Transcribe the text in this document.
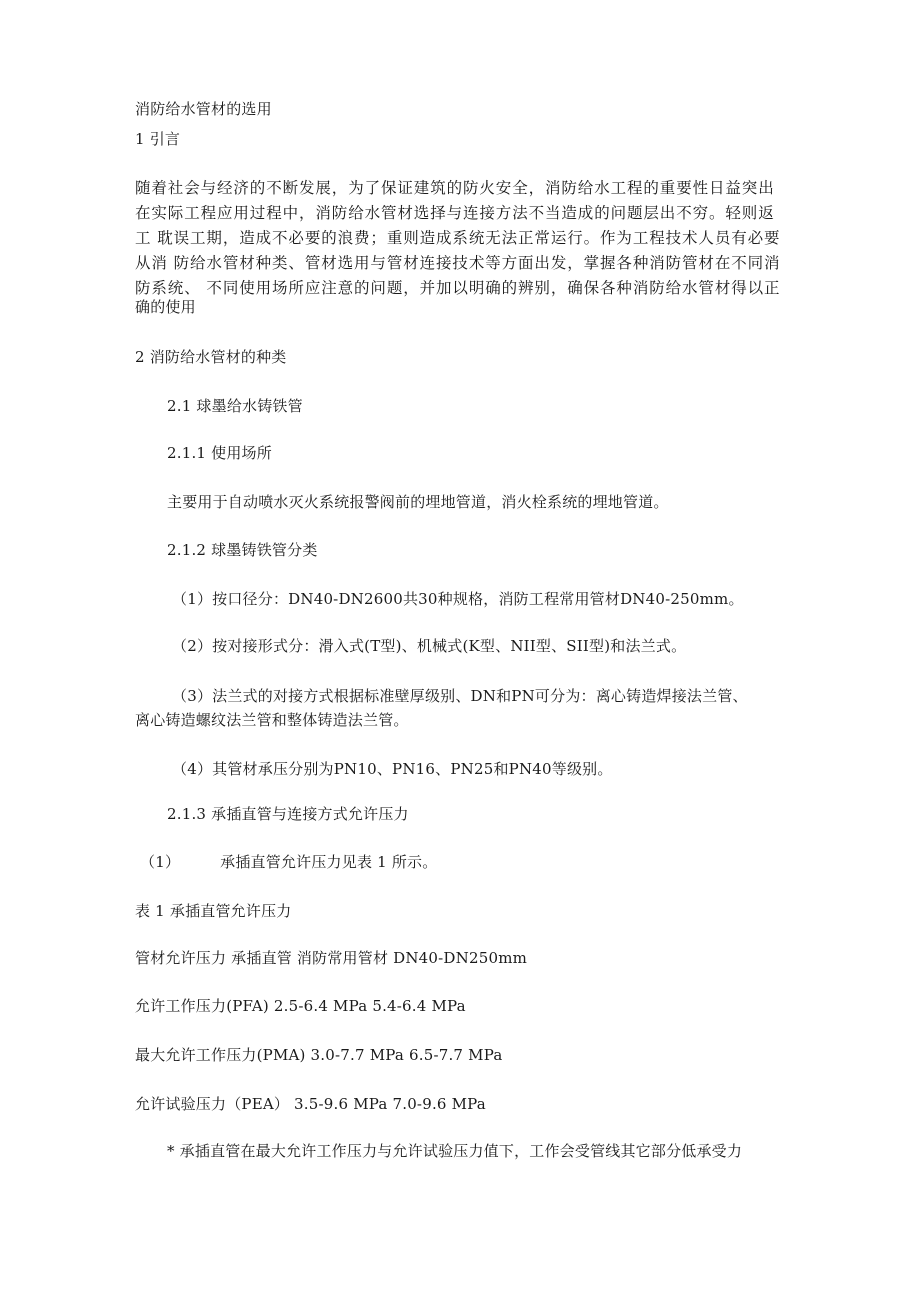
消防给水管材的选用
1 引言
随着社会与经济的不断发展，为了保证建筑的防火安全，消防给水工程的重要性日益突出
在实际工程应用过程中，消防给水管材选择与连接方法不当造成的问题层出不穷。轻则返
工 耽误工期，造成不必要的浪费；重则造成系统无法正常运行。作为工程技术人员有必要
从消 防给水管材种类、管材选用与管材连接技术等方面出发，掌握各种消防管材在不同消
防系统、 不同使用场所应注意的问题，并加以明确的辨别，确保各种消防给水管材得以正
确的使用
2 消防给水管材的种类
2.1 球墨给水铸铁管
2.1.1 使用场所
主要用于自动喷水灭火系统报警阀前的埋地管道，消火栓系统的埋地管道。
2.1.2 球墨铸铁管分类
（1）按口径分：DN40-DN2600共30种规格，消防工程常用管材DN40-250mm。
（2）按对接形式分：滑入式(T型)、机械式(K型、NII型、SII型)和法兰式。
（3）法兰式的对接方式根据标准壁厚级别、DN和PN可分为：离心铸造焊接法兰管、
离心铸造螺纹法兰管和整体铸造法兰管。
（4）其管材承压分别为PN10、PN16、PN25和PN40等级别。
2.1.3 承插直管与连接方式允许压力
（1）	承插直管允许压力见表 1 所示。
表 1 承插直管允许压力
管材允许压力 承插直管 消防常用管材 DN40-DN250mm
允许工作压力(PFA) 2.5-6.4 MPa 5.4-6.4 MPa
最大允许工作压力(PMA) 3.0-7.7 MPa 6.5-7.7 MPa
允许试验压力（PEA） 3.5-9.6 MPa 7.0-9.6 MPa
* 承插直管在最大允许工作压力与允许试验压力值下，工作会受管线其它部分低承受力
